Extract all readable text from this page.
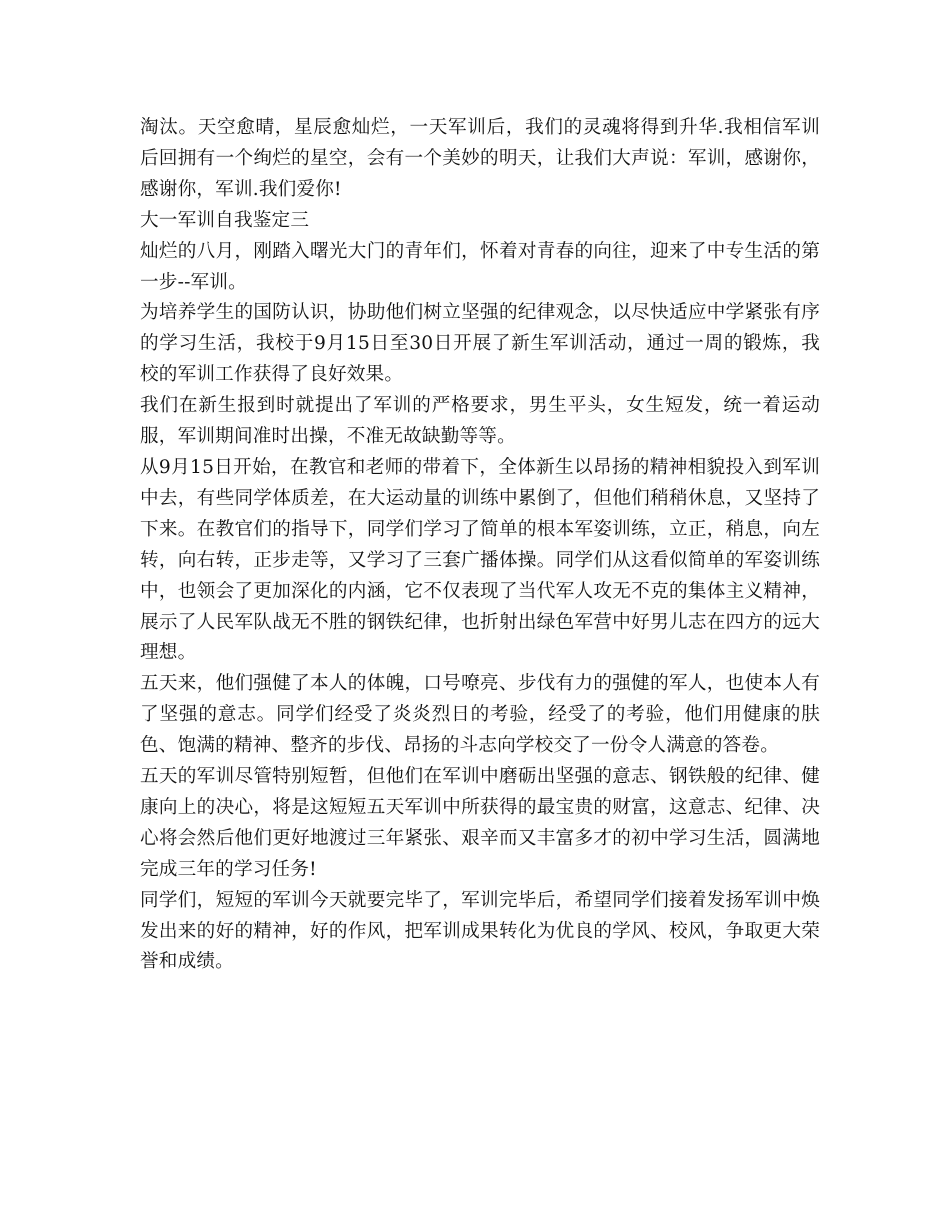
淘汰。天空愈晴，星辰愈灿烂，一天军训后，我们的灵魂将得到升华.我相信军训后回拥有一个绚烂的星空，会有一个美妙的明天，让我们大声说：军训，感谢你，感谢你，军训.我们爱你!

大一军训自我鉴定三

灿烂的八月，刚踏入曙光大门的青年们，怀着对青春的向往，迎来了中专生活的第一步--军训。

为培养学生的国防认识，协助他们树立坚强的纪律观念，以尽快适应中学紧张有序的学习生活，我校于9月15日至30日开展了新生军训活动，通过一周的锻炼，我校的军训工作获得了良好效果。

我们在新生报到时就提出了军训的严格要求，男生平头，女生短发，统一着运动服，军训期间准时出操，不准无故缺勤等等。

从9月15日开始，在教官和老师的带着下，全体新生以昂扬的精神相貌投入到军训中去，有些同学体质差，在大运动量的训练中累倒了，但他们稍稍休息，又坚持了下来。在教官们的指导下，同学们学习了简单的根本军姿训练，立正，稍息，向左转，向右转，正步走等，又学习了三套广播体操。同学们从这看似简单的军姿训练中，也领会了更加深化的内涵，它不仅表现了当代军人攻无不克的集体主义精神，展示了人民军队战无不胜的钢铁纪律，也折射出绿色军营中好男儿志在四方的远大理想。

五天来，他们强健了本人的体魄，口号嘹亮、步伐有力的强健的军人，也使本人有了坚强的意志。同学们经受了炎炎烈日的考验，经受了的考验，他们用健康的肤色、饱满的精神、整齐的步伐、昂扬的斗志向学校交了一份令人满意的答卷。

五天的军训尽管特别短暂，但他们在军训中磨砺出坚强的意志、钢铁般的纪律、健康向上的决心，将是这短短五天军训中所获得的最宝贵的财富，这意志、纪律、决心将会然后他们更好地渡过三年紧张、艰辛而又丰富多才的初中学习生活，圆满地完成三年的学习任务!

同学们，短短的军训今天就要完毕了，军训完毕后，希望同学们接着发扬军训中焕发出来的好的精神，好的作风，把军训成果转化为优良的学风、校风，争取更大荣誉和成绩。
